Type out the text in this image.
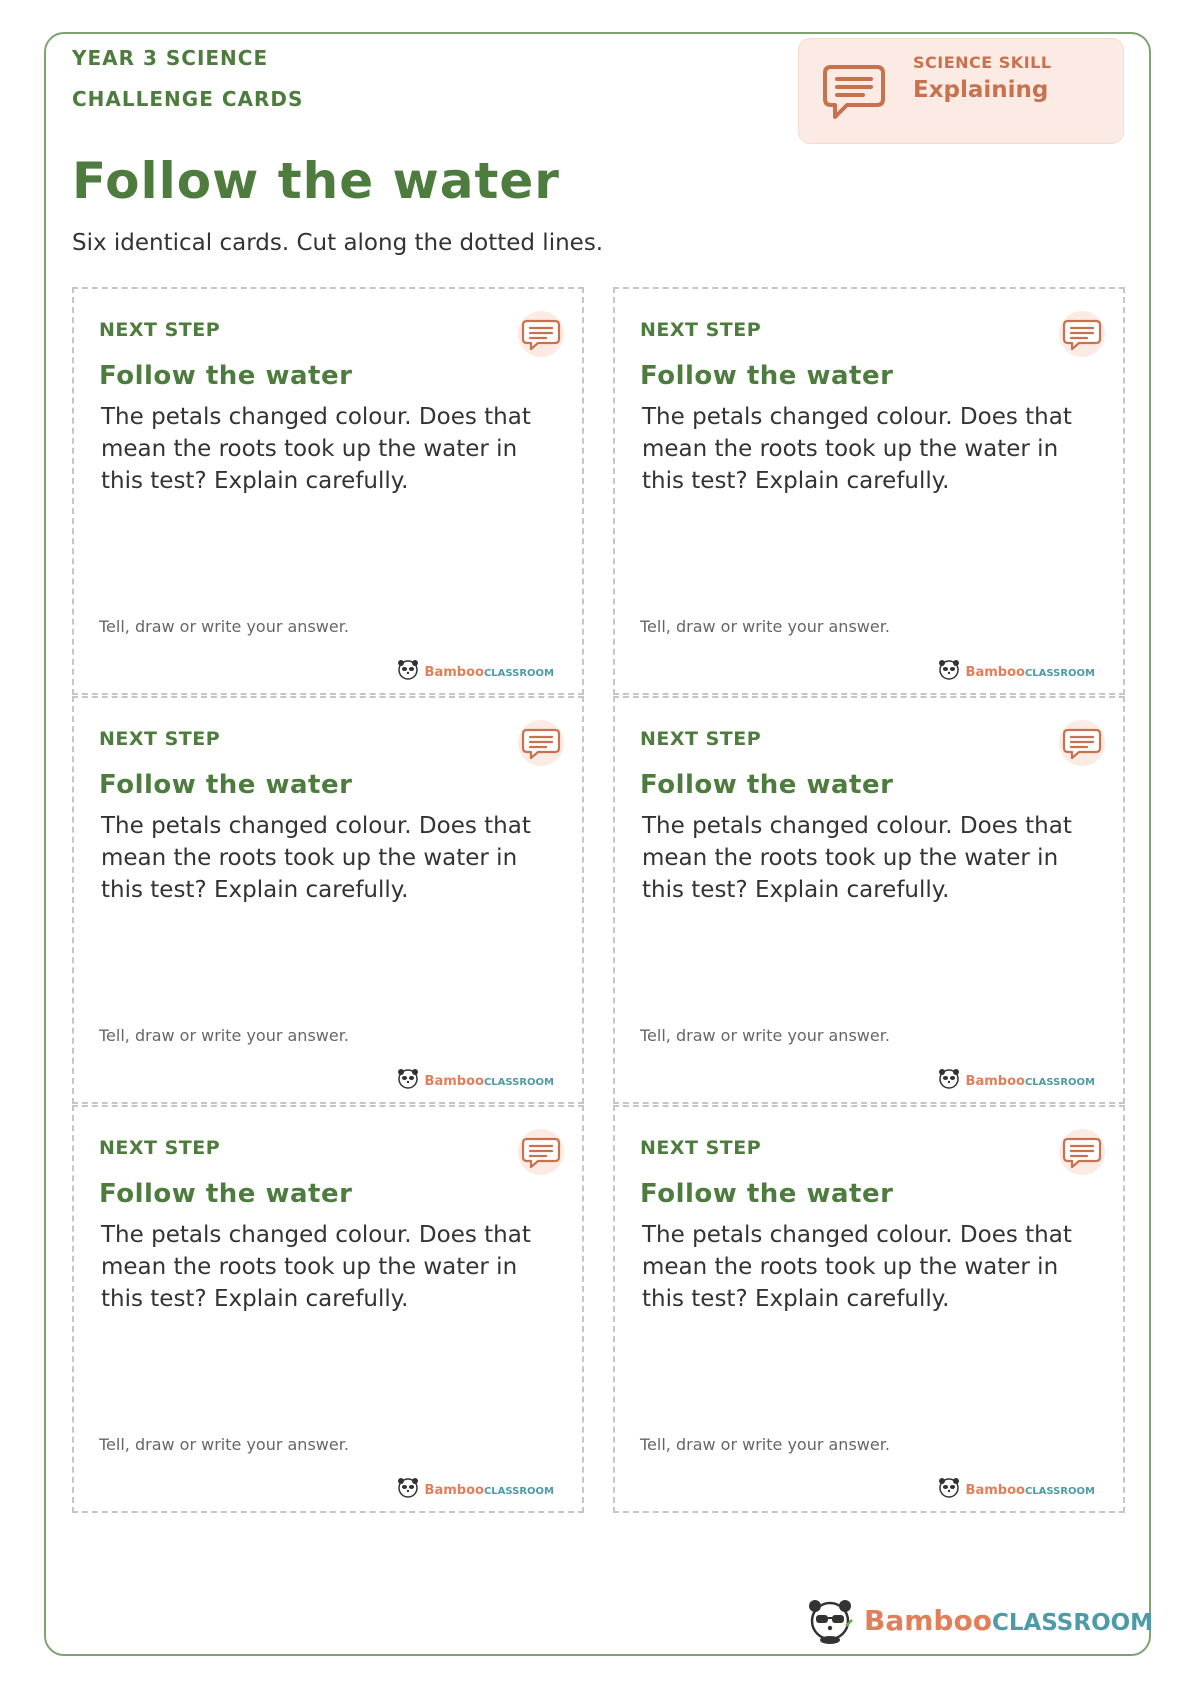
YEAR 3 SCIENCE
CHALLENGE CARDS
Follow the water
Six identical cards. Cut along the dotted lines.
SCIENCE SKILL
Explaining
NEXT STEP
Follow the water
The petals changed colour. Does that mean the roots took up the water in this test? Explain carefully.
Tell, draw or write your answer.
BambooCLASSROOM
NEXT STEP
Follow the water
The petals changed colour. Does that mean the roots took up the water in this test? Explain carefully.
Tell, draw or write your answer.
BambooCLASSROOM
NEXT STEP
Follow the water
The petals changed colour. Does that mean the roots took up the water in this test? Explain carefully.
Tell, draw or write your answer.
BambooCLASSROOM
NEXT STEP
Follow the water
The petals changed colour. Does that mean the roots took up the water in this test? Explain carefully.
Tell, draw or write your answer.
BambooCLASSROOM
NEXT STEP
Follow the water
The petals changed colour. Does that mean the roots took up the water in this test? Explain carefully.
Tell, draw or write your answer.
BambooCLASSROOM
NEXT STEP
Follow the water
The petals changed colour. Does that mean the roots took up the water in this test? Explain carefully.
Tell, draw or write your answer.
BambooCLASSROOM
BambooCLASSROOM
